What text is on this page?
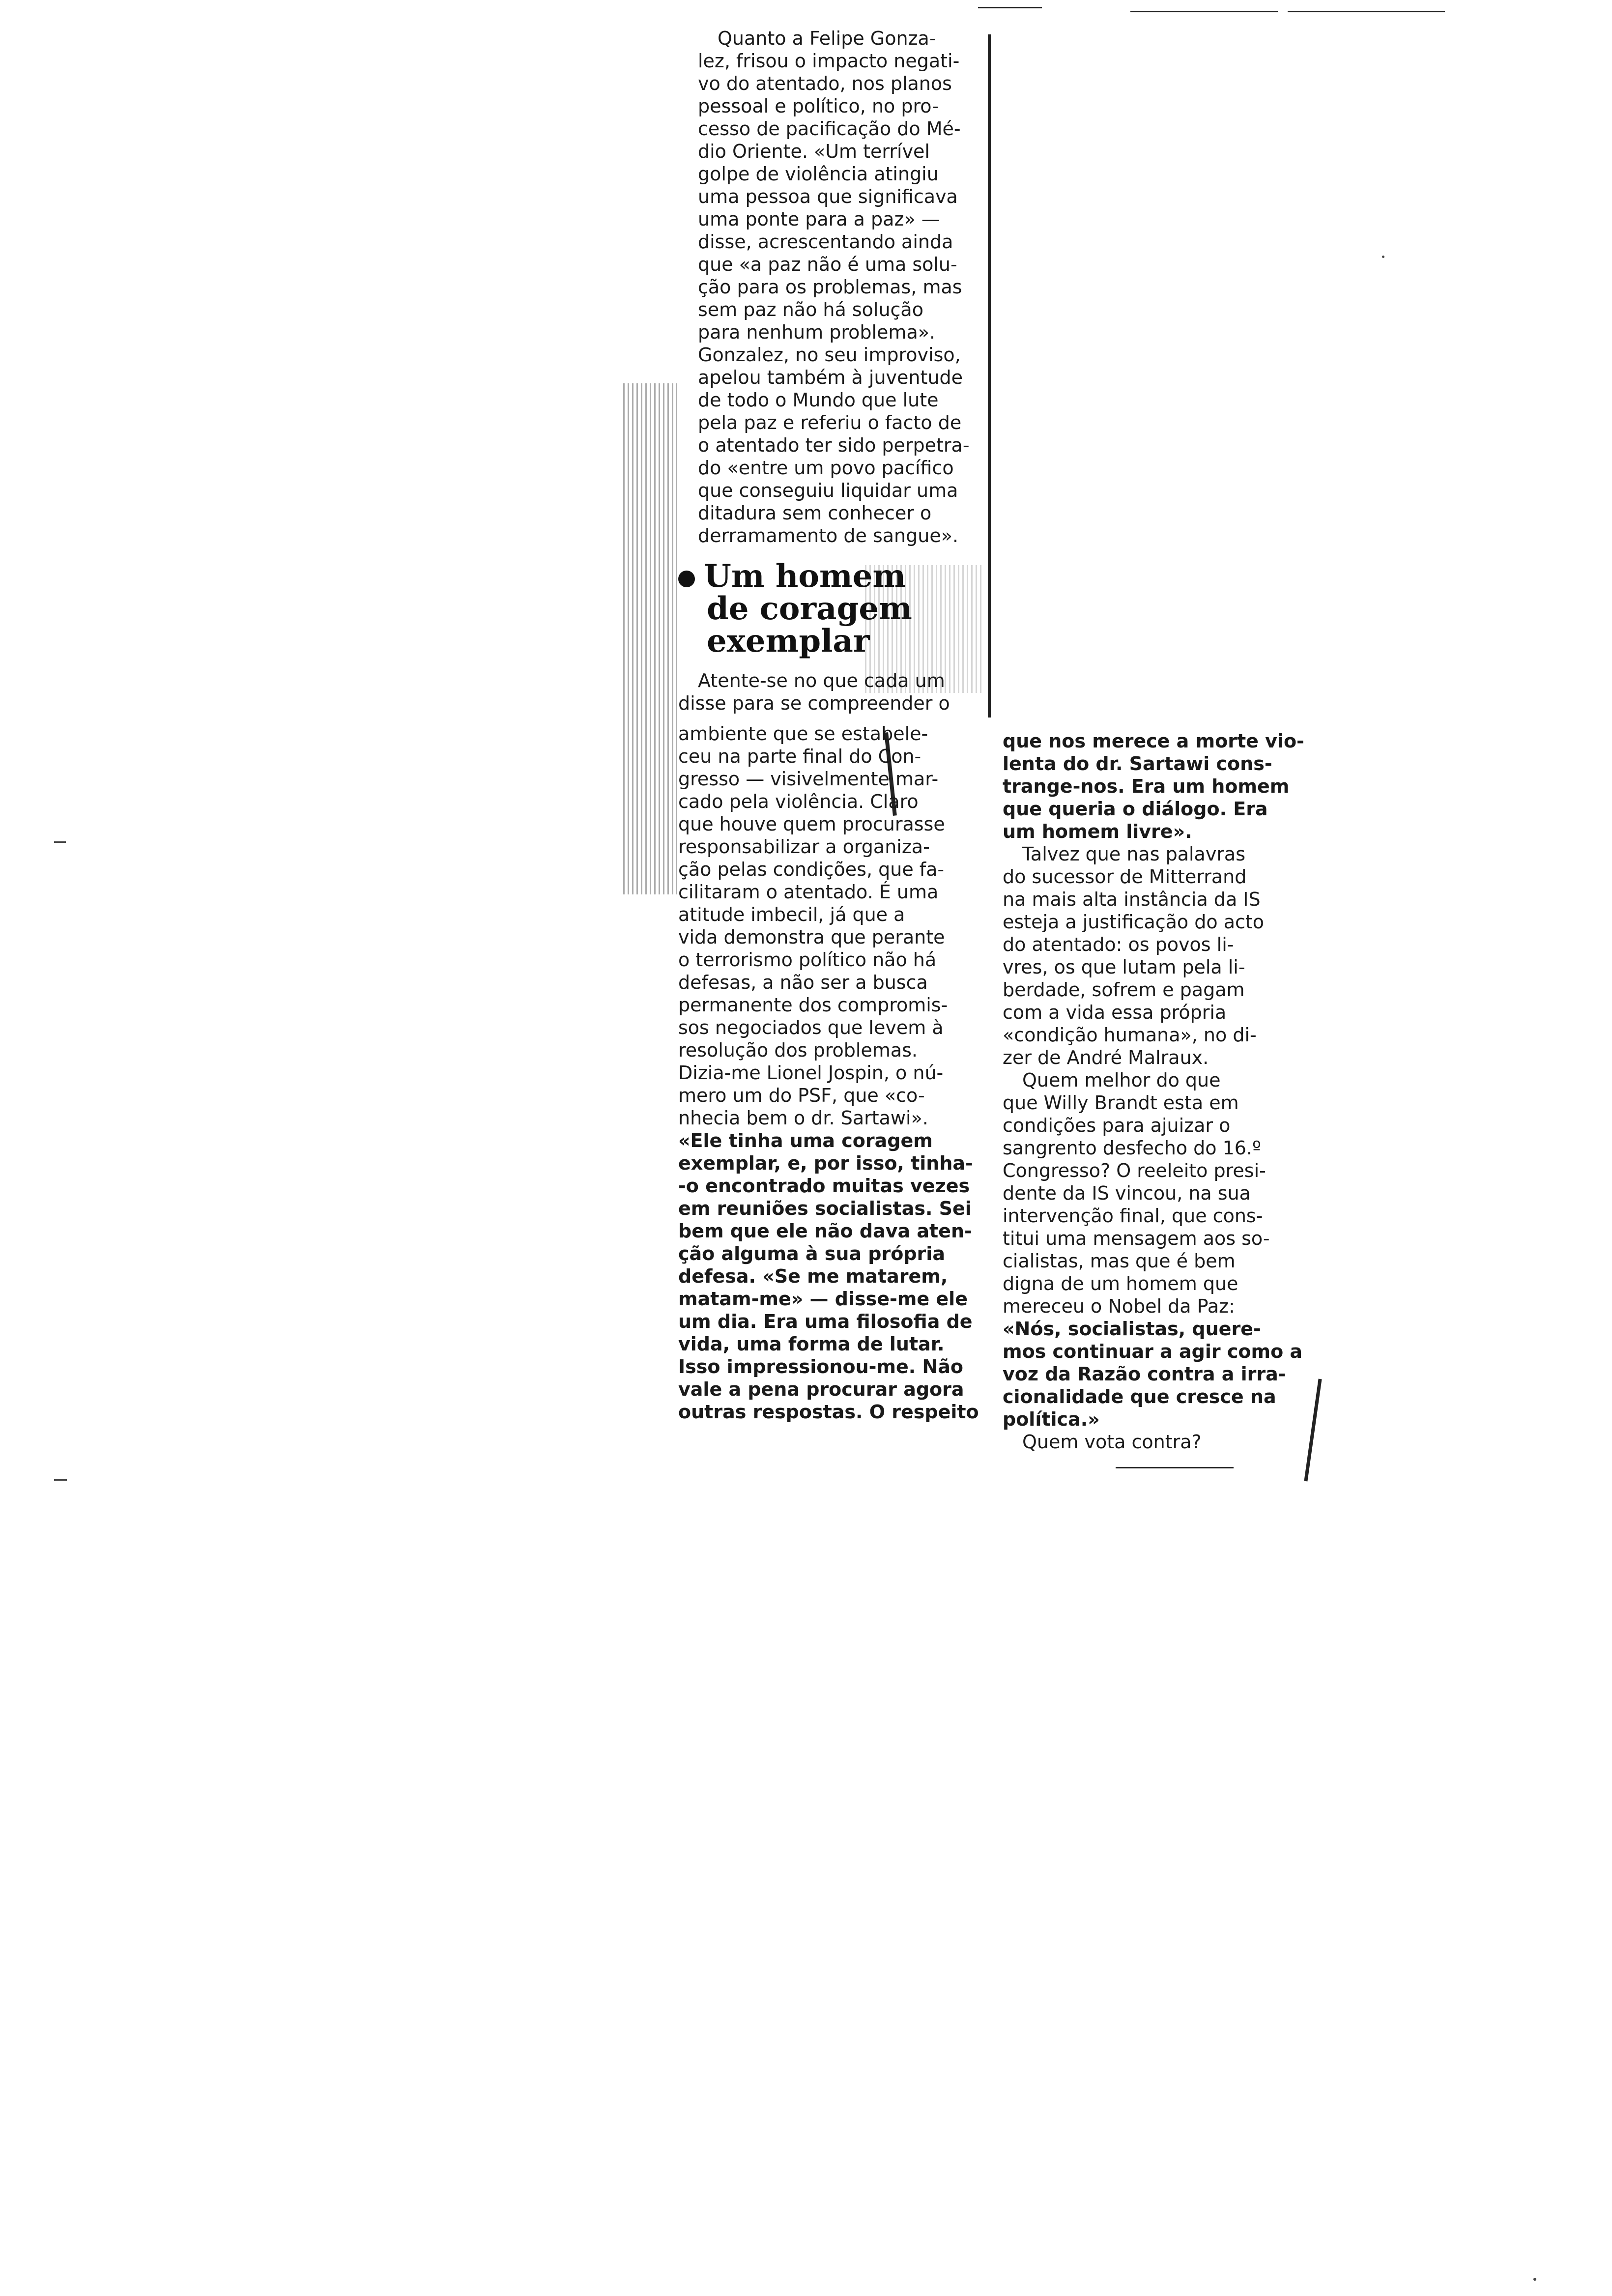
Quanto a Felipe Gonza-
lez, frisou o impacto negati-
vo do atentado, nos planos
pessoal e político, no pro-
cesso de pacificação do Mé-
dio Oriente. «Um terrível
golpe de violência atingiu
uma pessoa que significava
uma ponte para a paz» —
disse, acrescentando ainda
que «a paz não é uma solu-
ção para os problemas, mas
sem paz não há solução
para nenhum problema».
Gonzalez, no seu improviso,
apelou também à juventude
de todo o Mundo que lute
pela paz e referiu o facto de
o atentado ter sido perpetra-
do «entre um povo pacífico
que conseguiu liquidar uma
ditadura sem conhecer o
derramamento de sangue».

Um homem
de coragem
exemplar
Atente-se no que cada um disse para se compreender o
ambiente que se estabele-
ceu na parte final do Con-
gresso — visivelmente mar-
cado pela violência. Claro
que houve quem procurasse
responsabilizar a organiza-
ção pelas condições, que fa-
cilitaram o atentado. É uma
atitude imbecil, já que a
vida demonstra que perante
o terrorismo político não há
defesas, a não ser a busca
permanente dos compromis-
sos negociados que levem à
resolução dos problemas.
Dizia-me Lionel Jospin, o nú-
mero um do PSF, que «co-
nhecia bem o dr. Sartawi».
«Ele tinha uma coragem
exemplar, e, por isso, tinha-
-o encontrado muitas vezes
em reuniões socialistas. Sei
bem que ele não dava aten-
ção alguma à sua própria
defesa. «Se me matarem,
matam-me» — disse-me ele
um dia. Era uma filosofia de
vida, uma forma de lutar.
Isso impressionou-me. Não
vale a pena procurar agora
outras respostas. O respeito
que nos merece a morte vio-
lenta do dr. Sartawi cons-
trange-nos. Era um homem
que queria o diálogo. Era
um homem livre».
Talvez que nas palavras
do sucessor de Mitterrand
na mais alta instância da IS
esteja a justificação do acto
do atentado: os povos li-
vres, os que lutam pela li-
berdade, sofrem e pagam
com a vida essa própria
«condição humana», no di-
zer de André Malraux.
Quem melhor do que
que Willy Brandt esta em
condições para ajuizar o
sangrento desfecho do 16.º
Congresso? O reeleito presi-
dente da IS vincou, na sua
intervenção final, que cons-
titui uma mensagem aos so-
cialistas, mas que é bem
digna de um homem que
mereceu o Nobel da Paz:
«Nós, socialistas, quere-
mos continuar a agir como a
voz da Razão contra a irra-
cionalidade que cresce na
política.»
Quem vota contra?
